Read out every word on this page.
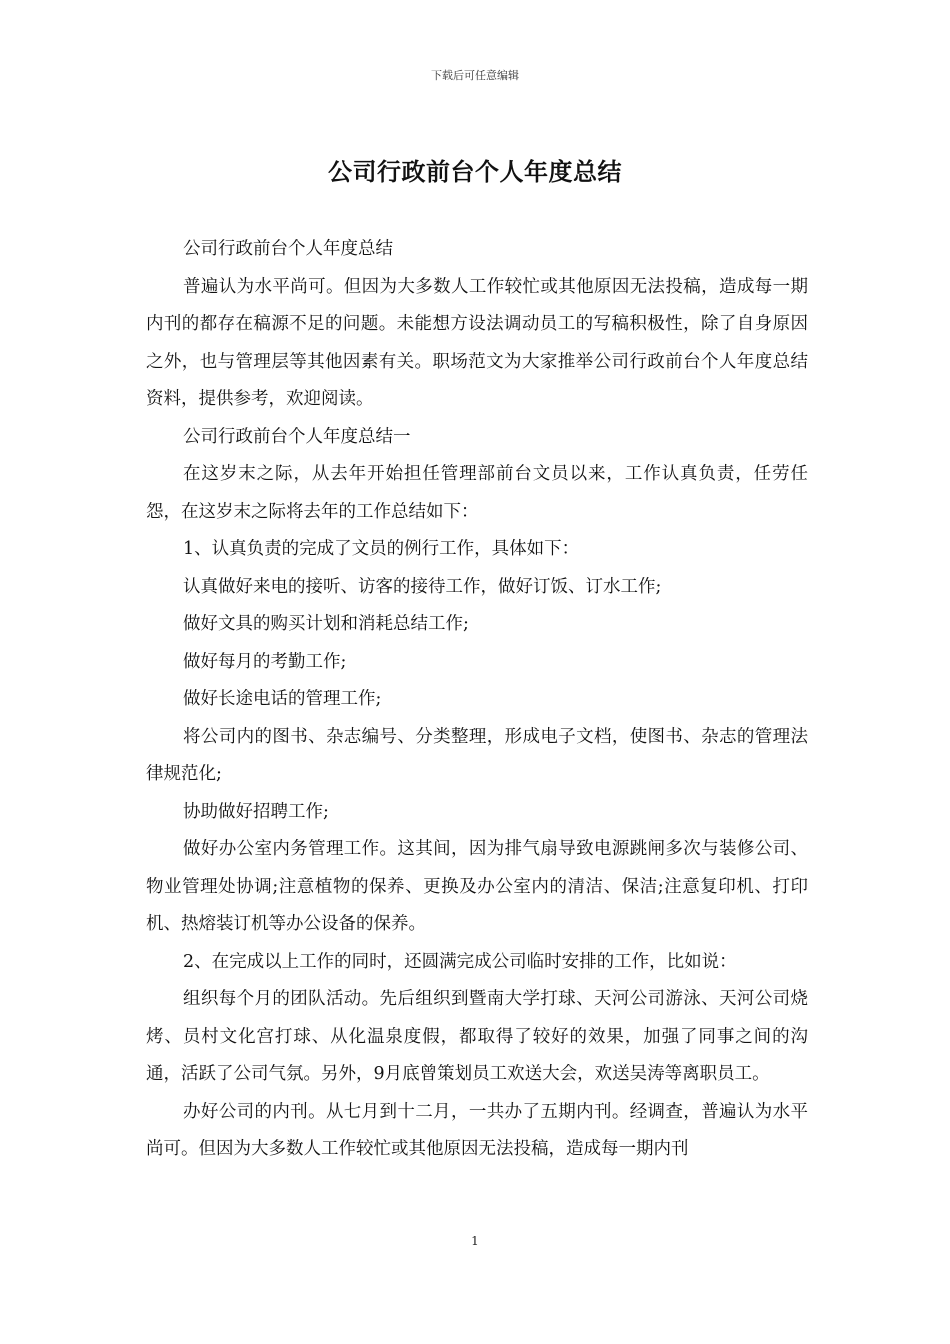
下载后可任意编辑
公司行政前台个人年度总结

公司行政前台个人年度总结

普遍认为水平尚可。但因为大多数人工作较忙或其他原因无法投稿，造成每一期内刊的都存在稿源不足的问题。未能想方设法调动员工的写稿积极性，除了自身原因之外，也与管理层等其他因素有关。职场范文为大家推举公司行政前台个人年度总结资料，提供参考，欢迎阅读。

公司行政前台个人年度总结一

在这岁末之际，从去年开始担任管理部前台文员以来，工作认真负责，任劳任怨，在这岁末之际将去年的工作总结如下：

1、认真负责的完成了文员的例行工作，具体如下：

认真做好来电的接听、访客的接待工作，做好订饭、订水工作;

做好文具的购买计划和消耗总结工作;

做好每月的考勤工作;

做好长途电话的管理工作;

将公司内的图书、杂志编号、分类整理，形成电子文档，使图书、杂志的管理法律规范化;

协助做好招聘工作;

做好办公室内务管理工作。这其间，因为排气扇导致电源跳闸多次与装修公司、物业管理处协调;注意植物的保养、更换及办公室内的清洁、保洁;注意复印机、打印机、热熔装订机等办公设备的保养。

2、在完成以上工作的同时，还圆满完成公司临时安排的工作，比如说：

组织每个月的团队活动。先后组织到暨南大学打球、天河公司游泳、天河公司烧烤、员村文化宫打球、从化温泉度假，都取得了较好的效果，加强了同事之间的沟通，活跃了公司气氛。另外，9月底曾策划员工欢送大会，欢送吴涛等离职员工。

办好公司的内刊。从七月到十二月，一共办了五期内刊。经调查，普遍认为水平尚可。但因为大多数人工作较忙或其他原因无法投稿，造成每一期内刊

1
